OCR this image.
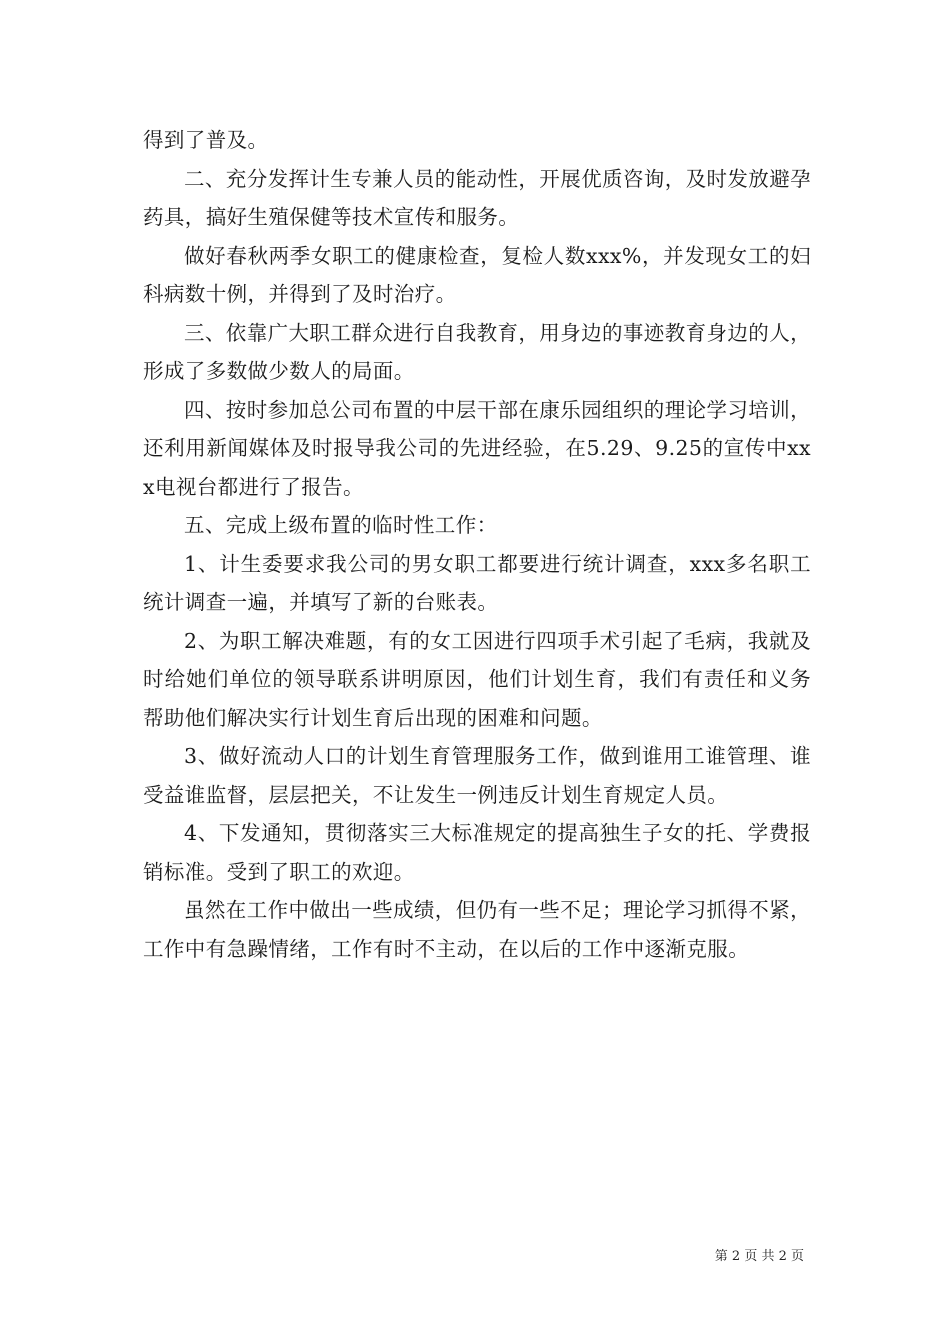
得到了普及。

二、充分发挥计生专兼人员的能动性，开展优质咨询，及时发放避孕药具，搞好生殖保健等技术宣传和服务。

做好春秋两季女职工的健康检查，复检人数xxx%，并发现女工的妇科病数十例，并得到了及时治疗。

三、依靠广大职工群众进行自我教育，用身边的事迹教育身边的人，形成了多数做少数人的局面。

四、按时参加总公司布置的中层干部在康乐园组织的理论学习培训，还利用新闻媒体及时报导我公司的先进经验，在5.29、9.25的宣传中xxx电视台都进行了报告。

五、完成上级布置的临时性工作：

1、计生委要求我公司的男女职工都要进行统计调查，xxx多名职工统计调查一遍，并填写了新的台账表。

2、为职工解决难题，有的女工因进行四项手术引起了毛病，我就及时给她们单位的领导联系讲明原因，他们计划生育，我们有责任和义务帮助他们解决实行计划生育后出现的困难和问题。

3、做好流动人口的计划生育管理服务工作，做到谁用工谁管理、谁受益谁监督，层层把关，不让发生一例违反计划生育规定人员。

4、下发通知，贯彻落实三大标准规定的提高独生子女的托、学费报销标准。受到了职工的欢迎。

虽然在工作中做出一些成绩，但仍有一些不足；理论学习抓得不紧，工作中有急躁情绪，工作有时不主动，在以后的工作中逐渐克服。

第 2 页 共 2 页
